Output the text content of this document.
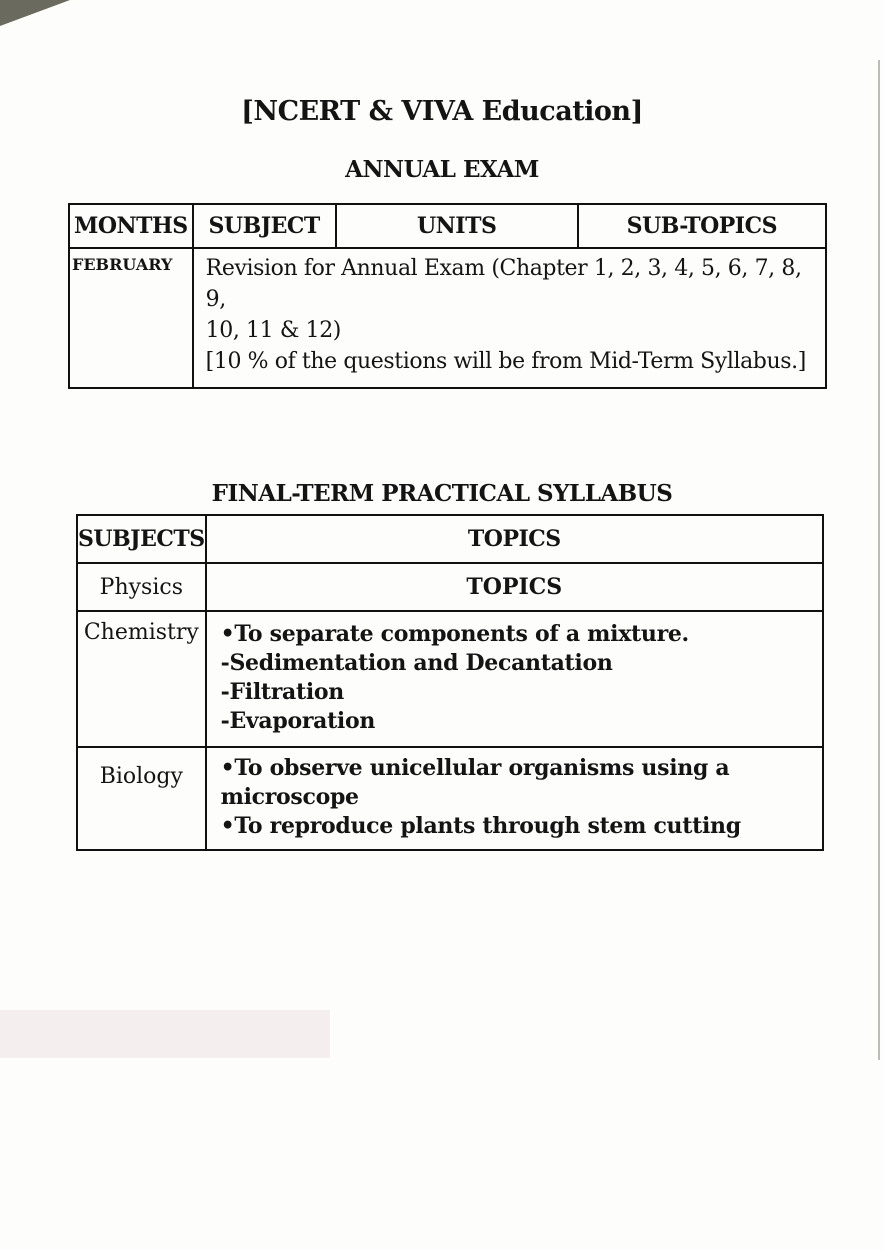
[NCERT & VIVA Education]
ANNUAL EXAM
MONTHS	SUBJECT	UNITS	SUB-TOPICS
FEBRUARY	Revision for Annual Exam (Chapter 1, 2, 3, 4, 5, 6, 7, 8, 9,
10, 11 & 12)
[10 % of the questions will be from Mid-Term Syllabus.]		
FINAL-TERM PRACTICAL SYLLABUS
SUBJECTS	TOPICS
Physics	TOPICS
Chemistry	•To separate components of a mixture.
-Sedimentation and Decantation
-Filtration
-Evaporation

Biology	•To observe unicellular organisms using a microscope
•To reproduce plants through stem cutting
